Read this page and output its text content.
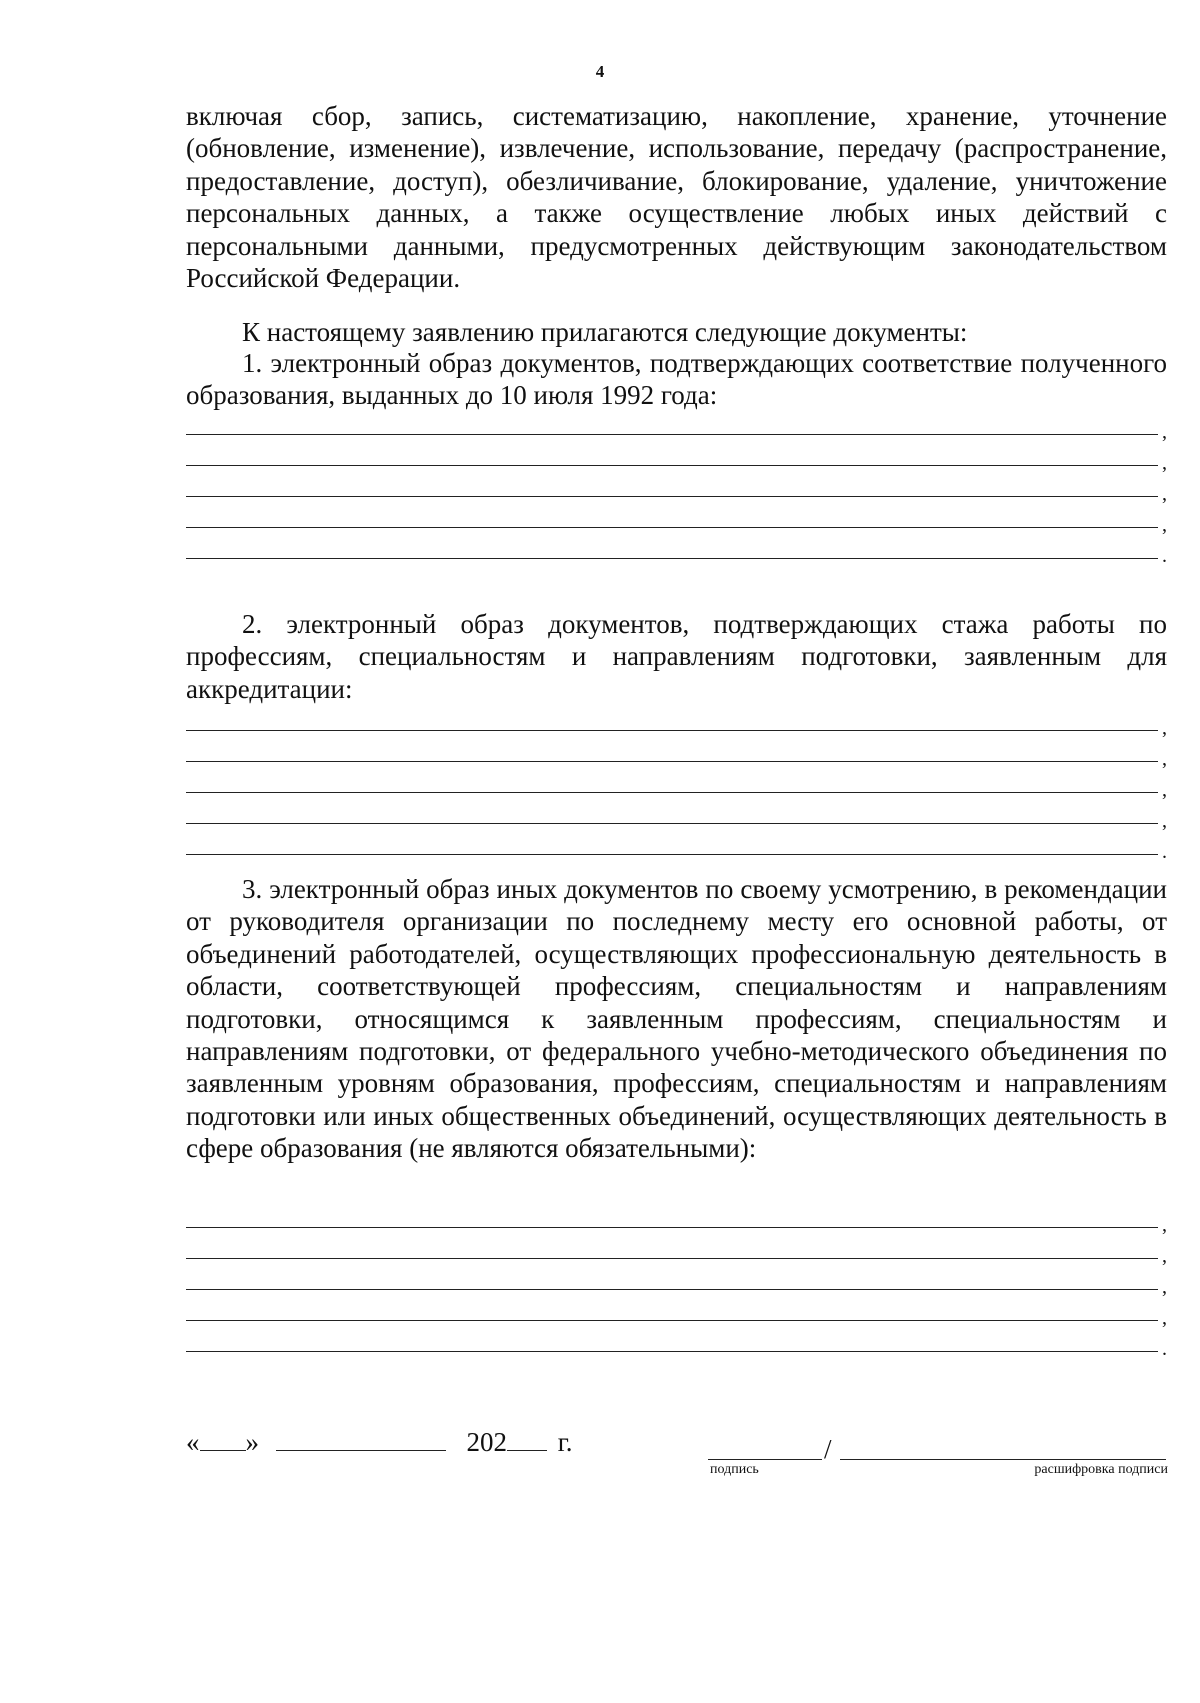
4
включая сбор, запись, систематизацию, накопление, хранение, уточнение (обновление, изменение), извлечение, использование, передачу (распространение, предоставление, доступ), обезличивание, блокирование, удаление, уничтожение персональных данных, а также осуществление любых иных действий с персональными данными, предусмотренных действующим законодательством Российской Федерации.
К настоящему заявлению прилагаются следующие документы:
1. электронный образ документов, подтверждающих соответствие полученного образования, выданных до 10 июля 1992 года:
,
,
,
,
.
2. электронный образ документов, подтверждающих стажа работы по профессиям, специальностям и направлениям подготовки, заявленным для аккредитации:
,
,
,
,
.
3. электронный образ иных документов по своему усмотрению, в рекомендации от руководителя организации по последнему месту его основной работы, от объединений работодателей, осуществляющих профессиональную деятельность в области, соответствующей профессиям, специальностям и направлениям подготовки, относящимся к заявленным профессиям, специальностям и направлениям подготовки, от федерального учебно-методического объединения по заявленным уровням образования, профессиям, специальностям и направлениям подготовки или иных общественных объединений, осуществляющих деятельность в сфере образования (не являются обязательными):
,
,
,
,
.
« »	202 г.	/
подпись	расшифровка подписи
